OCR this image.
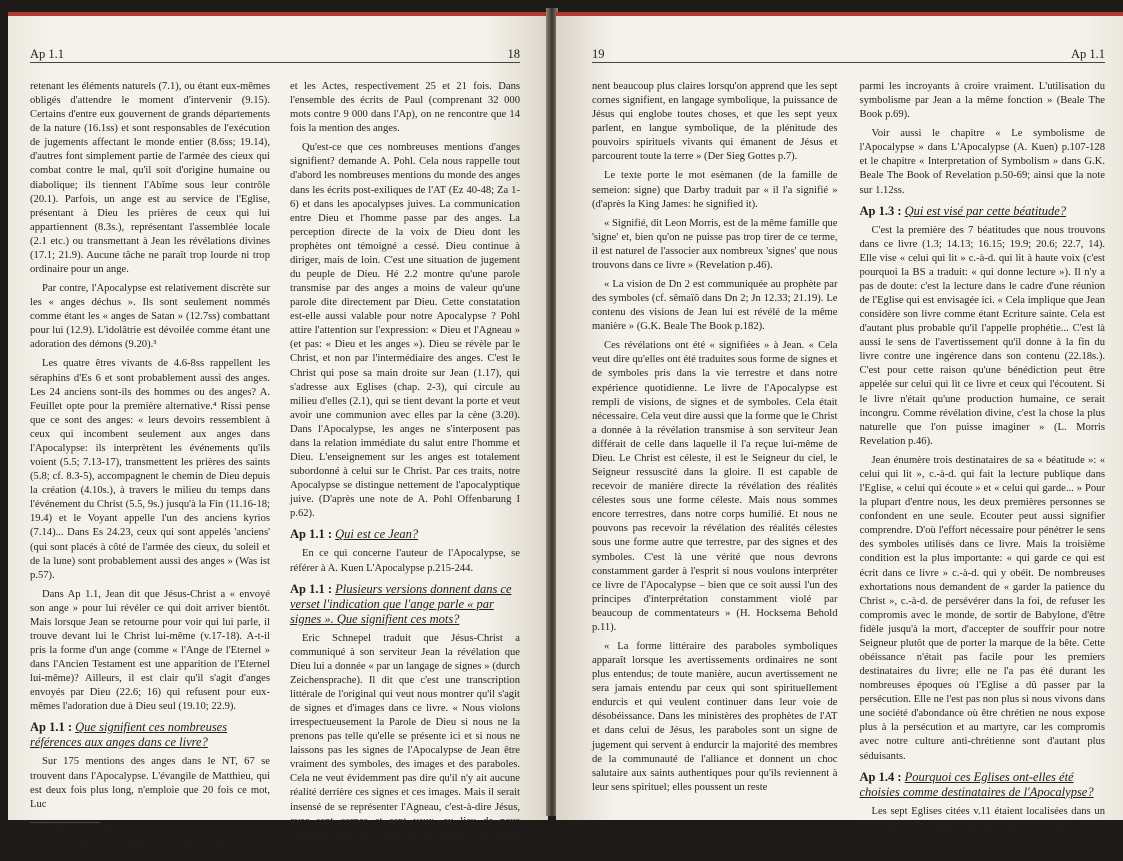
Ap 1.1	18

retenant les éléments naturels (7.1), ou étant eux-mêmes obligés d'attendre le moment d'intervenir (9.15). Certains d'entre eux gouvernent de grands départements de la nature (16.1ss) et sont responsables de l'exécution de jugements affectant le monde entier (8.6ss; 19.14), d'autres font simplement partie de l'armée des cieux qui combat contre le mal, qu'il soit d'origine humaine ou diabolique; ils tiennent l'Abîme sous leur contrôle (20.1). Parfois, un ange est au service de l'Eglise, présentant à Dieu les prières de ceux qui lui appartiennent (8.3s.), représentant l'assemblée locale (2.1 etc.) ou transmettant à Jean les révélations divines (17.1; 21.9). Aucune tâche ne paraît trop lourde ni trop ordinaire pour un ange.

Par contre, l'Apocalypse est relativement discrète sur les « anges déchus ». Ils sont seulement nommés comme étant les « anges de Satan » (12.7ss) combattant pour lui (12.9). L'idolâtrie est dévoilée comme étant une adoration des démons (9.20).³

Les quatre êtres vivants de 4.6-8ss rappellent les séraphins d'Es 6 et sont probablement aussi des anges. Les 24 anciens sont-ils des hommes ou des anges? A. Feuillet opte pour la première alternative.⁴ Rissi pense que ce sont des anges: « leurs devoirs ressemblent à ceux qui incombent seulement aux anges dans l'Apocalypse: ils interprètent les événements qu'ils voient (5.5; 7.13-17), transmettent les prières des saints (5.8; cf. 8.3-5), accompagnent le chemin de Dieu depuis la création (4.10s.), à travers le milieu du temps dans l'événement du Christ (5.5, 9s.) jusqu'à la Fin (11.16-18; 19.4) et le Voyant appelle l'un des anciens kyrios (7.14)... Dans Es 24.23, ceux qui sont appelés 'anciens' (qui sont placés à côté de l'armée des cieux, du soleil et de la lune) sont probablement aussi des anges » (Was ist p.57).

Dans Ap 1.1, Jean dit que Jésus-Christ a « envoyé son ange » pour lui révéler ce qui doit arriver bientôt. Mais lorsque Jean se retourne pour voir qui lui parle, il trouve devant lui le Christ lui-même (v.17-18). A-t-il pris la forme d'un ange (comme « l'Ange de l'Eternel » dans l'Ancien Testament est une apparition de l'Eternel lui-même)? Ailleurs, il est clair qu'il s'agit d'anges envoyés par Dieu (22.6; 16) qui refusent pour eux-mêmes l'adoration due à Dieu seul (19.10; 22.9).

Ap 1.1 : Que signifient ces nombreuses références aux anges dans ce livre?

Sur 175 mentions des anges dans le NT, 67 se trouvent dans l'Apocalypse. L'évangile de Matthieu, qui est deux fois plus long, n'emploie que 20 fois ce mot, Luc

³ D'après Swete, 79 p. CLXv.

⁴ « Les vingt-quatre vieillards de l'Apocalypse » RB (1958) p.5-32.

et les Actes, respectivement 25 et 21 fois. Dans l'ensemble des écrits de Paul (comprenant 32 000 mots contre 9 000 dans l'Ap), on ne rencontre que 14 fois la mention des anges.

Qu'est-ce que ces nombreuses mentions d'anges signifient? demande A. Pohl. Cela nous rappelle tout d'abord les nombreuses mentions du monde des anges dans les écrits post-exiliques de l'AT (Ez 40-48; Za 1-6) et dans les apocalypses juives. La communication entre Dieu et l'homme passe par des anges. La perception directe de la voix de Dieu dont les prophètes ont témoigné a cessé. Dieu continue à diriger, mais de loin. C'est une situation de jugement du peuple de Dieu. Hé 2.2 montre qu'une parole transmise par des anges a moins de valeur qu'une parole dite directement par Dieu. Cette constatation est-elle aussi valable pour notre Apocalypse ? Pohl attire l'attention sur l'expression: « Dieu et l'Agneau » (et pas: « Dieu et les anges »). Dieu se révèle par le Christ, et non par l'intermédiaire des anges. C'est le Christ qui pose sa main droite sur Jean (1.17), qui s'adresse aux Eglises (chap. 2-3), qui circule au milieu d'elles (2.1), qui se tient devant la porte et veut avoir une communion avec elles par la cène (3.20). Dans l'Apocalypse, les anges ne s'interposent pas dans la relation immédiate du salut entre l'homme et Dieu. L'enseignement sur les anges est totalement subordonné à celui sur le Christ. Par ces traits, notre Apocalypse se distingue nettement de l'apocalyptique juive. (D'après une note de A. Pohl Offenbarung I p.62).

Ap 1.1 : Qui est ce Jean?

En ce qui concerne l'auteur de l'Apocalypse, se référer à A. Kuen L'Apocalypse p.215-244.

Ap 1.1 : Plusieurs versions donnent dans ce verset l'indication que l'ange parle « par signes ». Que signifient ces mots?

Eric Schnepel traduit que Jésus-Christ a communiqué à son serviteur Jean la révélation que Dieu lui a donnée « par un langage de signes » (durch Zeichensprache). Il dit que c'est une transcription littérale de l'original qui veut nous montrer qu'il s'agit de signes et d'images dans ce livre. « Nous violons irrespectueusement la Parole de Dieu si nous ne la prenons pas telle qu'elle se présente ici et si nous ne laissons pas les signes de l'Apocalypse de Jean être vraiment des symboles, des images et des paraboles. Cela ne veut évidemment pas dire qu'il n'y ait aucune réalité derrière ces signes et ces images. Mais il serait insensé de se représenter l'Agneau, c'est-à-dire Jésus, avec sept cornes et sept yeux, au lieu de nous demander quel est le sens de ces images. Les choses devien-

19	Ap 1.1

nent beaucoup plus claires lorsqu'on apprend que les sept cornes signifient, en langage symbolique, la puissance de Jésus qui englobe toutes choses, et que les sept yeux parlent, en langue symbolique, de la plénitude des pouvoirs spirituels vivants qui émanent de Jésus et parcourent toute la terre » (Der Sieg Gottes p.7).

Le texte porte le mot esèmanen (de la famille de semeion: signe) que Darby traduit par « il l'a signifié » (d'après la King James: he signified it).

« Signifié, dit Leon Morris, est de la même famille que 'signe' et, bien qu'on ne puisse pas trop tirer de ce terme, il est naturel de l'associer aux nombreux 'signes' que nous trouvons dans ce livre » (Revelation p.46).

« La vision de Dn 2 est communiquée au prophète par des symboles (cf. sêmaïô dans Dn 2; Jn 12.33; 21.19). Le contenu des visions de Jean lui est révélé de la même manière » (G.K. Beale The Book p.182).

Ces révélations ont été « signifiées » à Jean. « Cela veut dire qu'elles ont été traduites sous forme de signes et de symboles pris dans la vie terrestre et dans notre expérience quotidienne. Le livre de l'Apocalypse est rempli de visions, de signes et de symboles. Cela était nécessaire. Cela veut dire aussi que la forme que le Christ a donnée à la révélation transmise à son serviteur Jean différait de celle dans laquelle il l'a reçue lui-même de Dieu. Le Christ est céleste, il est le Seigneur du ciel, le Seigneur ressuscité dans la gloire. Il est capable de recevoir de manière directe la révélation des réalités célestes sous une forme céleste. Mais nous sommes encore terrestres, dans notre corps humilié. Et nous ne pouvons pas recevoir la révélation des réalités célestes sous une forme autre que terrestre, par des signes et des symboles. C'est là une vérité que nous devrons constamment garder à l'esprit si nous voulons interpréter ce livre de l'Apocalypse – bien que ce soit aussi l'un des principes d'interprétation constamment violé par beaucoup de commentateurs » (H. Hocksema Behold p.11).

« La forme littéraire des paraboles symboliques apparaît lorsque les avertissements ordinaires ne sont plus entendus; de toute manière, aucun avertissement ne sera jamais entendu par ceux qui sont spirituellement endurcis et qui veulent continuer dans leur voie de désobéissance. Dans les ministères des prophètes de l'AT et dans celui de Jésus, les paraboles sont un signe de jugement qui servent à endurcir la majorité des membres de la communauté de l'alliance et donnent un choc salutaire aux saints authentiques pour qu'ils reviennent à leur sens spirituel; elles poussent un reste

parmi les incroyants à croire vraiment. L'utilisation du symbolisme par Jean a la même fonction » (Beale The Book p.69).

Voir aussi le chapitre « Le symbolisme de l'Apocalypse » dans L'Apocalypse (A. Kuen) p.107-128 et le chapitre « Interpretation of Symbolism » dans G.K. Beale The Book of Revelation p.50-69; ainsi que la note sur 1.12ss.

Ap 1.3 : Qui est visé par cette béatitude?

C'est la première des 7 béatitudes que nous trouvons dans ce livre (1.3; 14.13; 16.15; 19.9; 20.6; 22.7, 14). Elle vise « celui qui lit » c.-à-d. qui lit à haute voix (c'est pourquoi la BS a traduit: « qui donne lecture »). Il n'y a pas de doute: c'est la lecture dans le cadre d'une réunion de l'Eglise qui est envisagée ici. « Cela implique que Jean considère son livre comme étant Ecriture sainte. Cela est d'autant plus probable qu'il l'appelle prophétie... C'est là aussi le sens de l'avertissement qu'il donne à la fin du livre contre une ingérence dans son contenu (22.18s.). C'est pour cette raison qu'une bénédiction peut être appelée sur celui qui lit ce livre et ceux qui l'écoutent. Si le livre n'était qu'une production humaine, ce serait incongru. Comme révélation divine, c'est la chose la plus naturelle que l'on puisse imaginer » (L. Morris Revelation p.46).

Jean énumère trois destinataires de sa « béatitude »: « celui qui lit », c.-à-d. qui fait la lecture publique dans l'Eglise, « celui qui écoute » et « celui qui garde... » Pour la plupart d'entre nous, les deux premières personnes se confondent en une seule. Ecouter peut aussi signifier comprendre. D'où l'effort nécessaire pour pénétrer le sens des symboles utilisés dans ce livre. Mais la troisième condition est la plus importante: « qui garde ce qui est écrit dans ce livre » c.-à-d. qui y obéit. De nombreuses exhortations nous demandent de « garder la patience du Christ », c.-à-d. de persévérer dans la foi, de refuser les compromis avec le monde, de sortir de Babylone, d'être fidèle jusqu'à la mort, d'accepter de souffrir pour notre Seigneur plutôt que de porter la marque de la bête. Cette obéissance n'était pas facile pour les premiers destinataires du livre; elle ne l'a pas été durant les nombreuses époques où l'Eglise a dû passer par la persécution. Elle ne l'est pas non plus si nous vivons dans une société d'abondance où être chrétien ne nous expose plus à la persécution et au martyre, car les compromis avec notre culture anti-chrétienne sont d'autant plus séduisants.

Ap 1.4 : Pourquoi ces Eglises ont-elles été choisies comme destinataires de l'Apocalypse?

Les sept Eglises citées v.11 étaient localisées dans un cercle de 80 km autour d'Ephèse, elles étaient des
